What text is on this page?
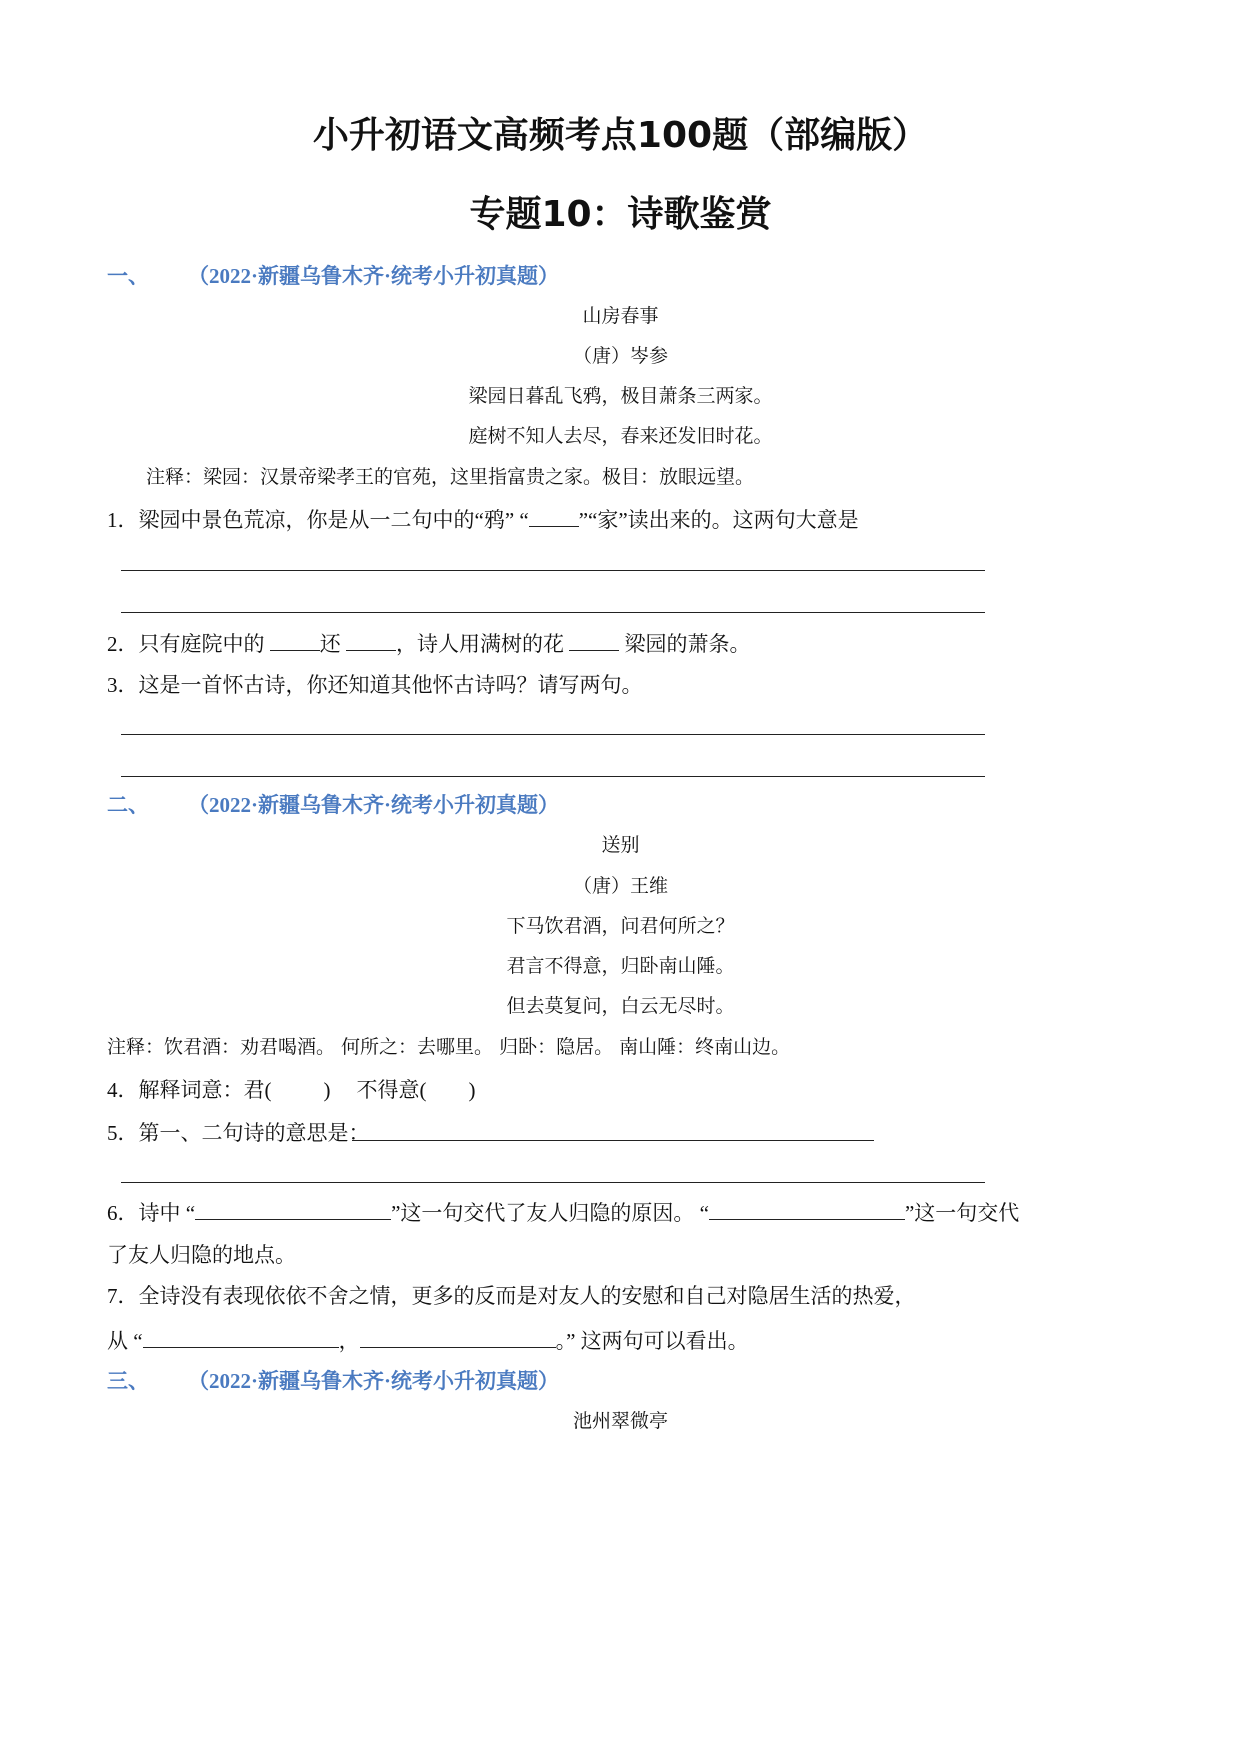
小升初语文高频考点100题（部编版）
专题10：诗歌鉴赏
一、 （2022·新疆乌鲁木齐·统考小升初真题）
山房春事
（唐）岑参
梁园日暮乱飞鸦，极目萧条三两家。
庭树不知人去尽，春来还发旧时花。
注释：梁园：汉景帝梁孝王的官苑，这里指富贵之家。极目：放眼远望。
1．梁园中景色荒凉，你是从一二句中的“鸦” “ ”“家”读出来的。这两句大意是
2．只有庭院中的 还 ，诗人用满树的花  梁园的萧条。
3．这是一首怀古诗，你还知道其他怀古诗吗？请写两句。
二、 （2022·新疆乌鲁木齐·统考小升初真题）
送别
（唐）王维
下马饮君酒，问君何所之？
君言不得意，归卧南山陲。
但去莫复问，白云无尽时。
注释：饮君酒：劝君喝酒。 何所之：去哪里。 归卧：隐居。 南山陲：终南山边。
4．解释词意：君( ) 不得意( )
5．第一、二句诗的意思是：
6．诗中 “	”这一句交代了友人归隐的原因。 “	”这一句交代
了友人归隐的地点。
7．全诗没有表现依依不舍之情，更多的反而是对友人的安慰和自己对隐居生活的热爱，
从 “	，	。” 这两句可以看出。
三、 （2022·新疆乌鲁木齐·统考小升初真题）
池州翠微亭
